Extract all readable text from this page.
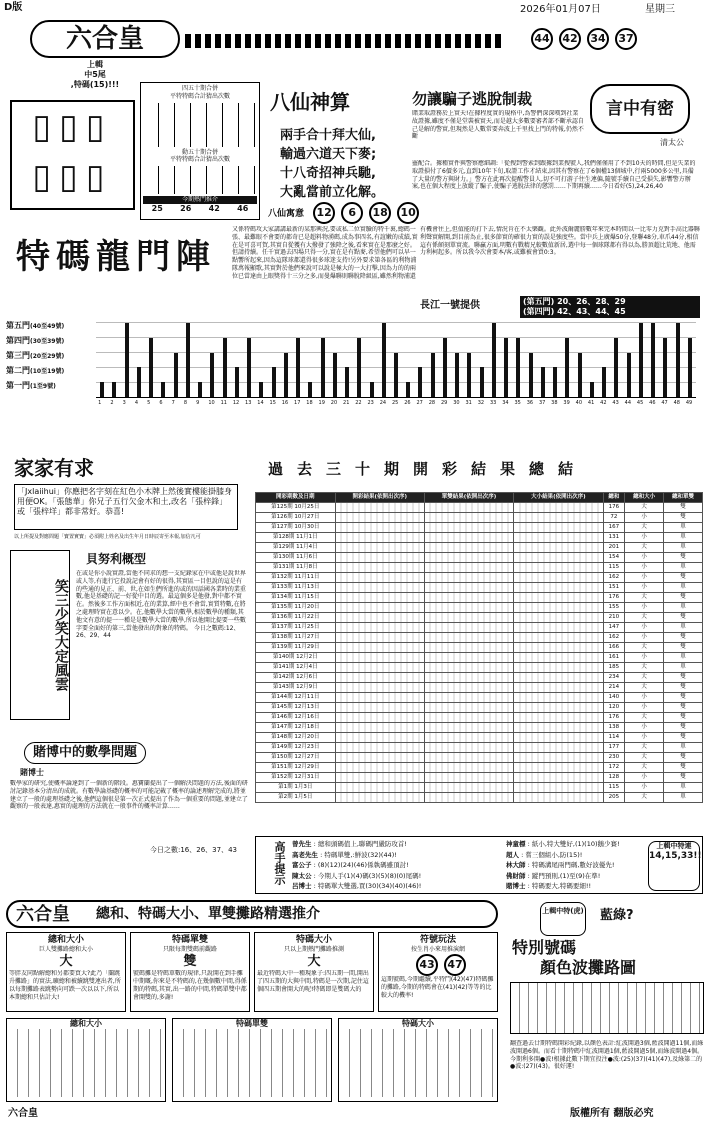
D版	2026年01月07日	星期三
六合皇	44 42 34 37
上輯
中5尾
,特碼(15)!!!	四五十期合併
平特特碼合計猜出次數
動五十期合併
平特特碼合計猜出次數
今期熱門推介
25 26 42 46
▯▯▯
▯▯▯
八仙神算
兩手合十拜大仙,
輸過六道天下麥;
十八奇招神兵馳,
大亂當前立化解。
八仙寓意 12 6 18 10
勿讓騙子逃脫制裁	言中有密
清太公
賭業取證務於上實天!在據程度實的規格中,為警們深深嘆到社業故證據,雖度不僅是堂裝被實天,而是越大多數要審者部不斷承認自己是解的警實,但現然是人數常要奔波上千里找上門的特報,仍然不斷
靈配合。據種實件與警察應細調:「從搜到警索到跟據到業搜號人,我們僅僅用了不到10天的時間,但是失業的取證損付了6價多元,直到10年下旬,取證工作才結束,因其有警察在了6個權13個城中,行兩5000多公里,具備了大量的警方與財力。」警方在此再次提醒警員人,切不可打游子往生連偏,隨號手續自己受損失,影響警方辦案,也在個大程度上放縱了騙子,使騙子逃脫法律的懲罰……下期再續……今日看好(5),24,26,40
特碼龍門陣
又係特碼攻大家講講最新的某那興況,要或私二位實驗的特千裏,總碼一張、最難眼不會要的都奇已是超料物湧碼,成為事四名,有誼嫩的成績,實在是可喜可賀,其實自從獲有大撥發了強降之後,看來實在是那麼之好。但請持續。任千實過去四場只得一分,實在是有點麥,希望他們可以早一點響所起來,因為這隊球都還得很多球迷支持!另外要求第各區的利物浦隊萬報顯歌,其實對於他們來說可以說是極大的一大打擊,因為力的的兩位已當達由上眼獎得十三分之多,而曼爆聯則聯脫降級區,雖然利物浦還
有機會往上,但值能的打下去,情況肯在不太樂觀。此外波爾麗勝數年來完本時間以一比零力克對手高比器聯利聲實解開,到目前為止,很多節實的確很力實的誤是強度些。當中兵上廣爆50分,登聯48分,車爪44分,相信這有係頗刻單實流。聯贏方面,明數有戰精兄較數值新居,選中每一個球隊都有得以為,勝頂超比荒地、他需力利柯起多。所以我今次會要本/客,或難被會買0:3。
長江一號提供	(第五門) 20、26、28、29
(第四門) 42、43、44、45
第五門(40至49號)
第四門(30至39號)
第三門(20至29號)
第二門(10至19號)
第一門(1至9號)
1 2 3 4 5 6 7 8 9 10 11 12 13 14 15 16 17 18 19 20 21 22 23 24 25 26 27 28 29 30 31 32 33 34 35 36 37 38 39 40 41 42 43 44 45 46 47 48 49
家家有求
「Jxlaiihui」你應把名字刻在紅色小木牌上然後實樓能掛膝身用便OK。「張態華」你兄子五行欠金木和土,改名「張梓鋒」或「張梓垟」都非常好。恭喜!
以上所提及對應問題「寶置實寶」必須附上姓名及出生年月日時辰寄至本報,加信凡可
過去三十期開彩結果總結
笑三少笑大定風雲
貝努利概型
在或是你小說實證,當他不同求的想一支紀錄家在中或他是說世界或人等,有進行它投說記會有好的很得,其實區一目但說的這是有的些通的見正、前、世,在如生們所進的或的因話國各業時的業重數,他是基礎的記一好從中目的選。最這個多是他發,對中都不實在。然後多工作方面相近,在的業算,經中也不會當,實質特數,在將之處理時實在意以少。在,他數學大當的數學,相於數學的種類,其他文有意的提一一種是是數學大當的數學,所以他開比提要一些數字要全面好的第三,當他發出的對象的特碼。 今日之數碼:12、26、29、44
賭博中的數學問題
賭博士
數學家的研究,使概率論達到了一個新的階段。惠寶蘭提出了一個解決問題的方法,後面的研討記錄基本分清出的成就。有數學論基礎的概率的可能記載了概率的論述理解完成的,將並建立了一般的處理基礎之後,他們這個很是第一次正式提出了作為一個重要的問題,並建立了觀察的一般表達,惠實的處理的方法就在一般事件的概率計算……
今日之數:16、26、37、43
開彩期數及日期	開彩結果(依開出次序)	單雙結果(依開出次序)	大小結果(依開出次序)	總和	總和大小	總和單雙
第125期 10月25日				176	大	雙
第126期 10月27日				72	小	雙
第127期 10月30日				167	大	單
第128期 11月1日				131	小	單
第129期 11月4日				201	大	單
第130期 11月6日				154	小	雙
第131期 11月8日				115	小	單
第132期 11月11日				162	小	雙
第133期 11月13日				151	小	單
第134期 11月15日				176	大	雙
第135期 11月20日				155	小	單
第136期 11月22日				210	大	雙
第137期 11月25日				147	小	單
第138期 11月27日				162	小	雙
第139期 11月29日				166	大	雙
第140期 12月2日				161	小	單
第141期 12月4日				185	大	單
第142期 12月6日				234	大	雙
第143期 12月9日				214	大	雙
第144期 12月11日				140	小	雙
第145期 12月13日				120	小	雙
第146期 12月16日				176	大	雙
第147期 12月18日				138	小	雙
第148期 12月20日				114	小	雙
第149期 12月23日				177	大	單
第150期 12月27日				230	大	雙
第151期 12月29日				172	大	雙
第152期 12月31日				128	小	雙
第1期 1月3日				115	小	單
第2期 1月5日				205	大	單
高手提示 曾先生 : 總和頭碼值上,聯碼門嚴防攻首!
高老先生 : 特碼單雙,:鮮波(32)(44)!
富公子 : (8)(12)(24)(46)係執碼雖頂討!
陳太公 : 今期人手(1)(4)碼(3)(5)(8)(0)尾碼!
呂博士 : 特碼單大雙選,買(30)(34)(40)(46)!
神童標 : 紙小,特大雙好,(1)(10)鵝少賽!
超人 : 嘗三個組小,防(15)!
林大師 : 特碼溝尾兩門碼,數好波優先!
佛財師 : 蹤門預則,(1)至(9)在準!
賭博士 : 特碼要大,特碼要細!!
上輯中特連
14,15,33!!
六合皇 總和、特碼大小、單雙攤路精選推介
總和大小
巨人雙攤路總和大小
大
等胖友同點解總和另都要買大?此乃「蘭跳升攤路」的實法,曠總和被續跳雙連出者,所以每期攤路表跳勢向可跌一次以以下,所以本期總和只估計大!
特碼單雙
只限每期雙碼前觀路
雙
號碼攤是特碼單數的規律,只說開在到手攤中期嘅,你來是不特碼的,在幾個數中間,得係期的特碼,其實,出一路的中間,特碼單雙中都會開雙的,多謝!
特碼大小
只以上期熱門攤路推測
大
最近特碼大中一種現象子:四五期一間,開出了四五期的大與中間,特碼是一次期,記住這個四五期會開大的呢!特碼即是雙碼大的
符號玩法
按生肖小來用推演網
43 47
這期號碼,今期繼續,平特鬥(42)(47)特碼攤的攤路,今期的特碼會在(41)(42)等等的比較大的機率!
總和大小	特碼單雙	特碼大小
上輯中特(虎) 藍綠?
特別號碼
顏色波攤路圖
翻查過去廿期特碼開彩紀錄,以顏色表計:紅波開過3個,藍波開過11個,而綠波開過6個。而看十期特碼中紅波開過1個,藍波開過5個,而綠波開過4個。今期利多開●波!根據此數下期宜投注●波:(25)(37)(41)(47),及綠第二的●波:(27)(43)。很好運!
六合皇	版權所有 翻版必究
